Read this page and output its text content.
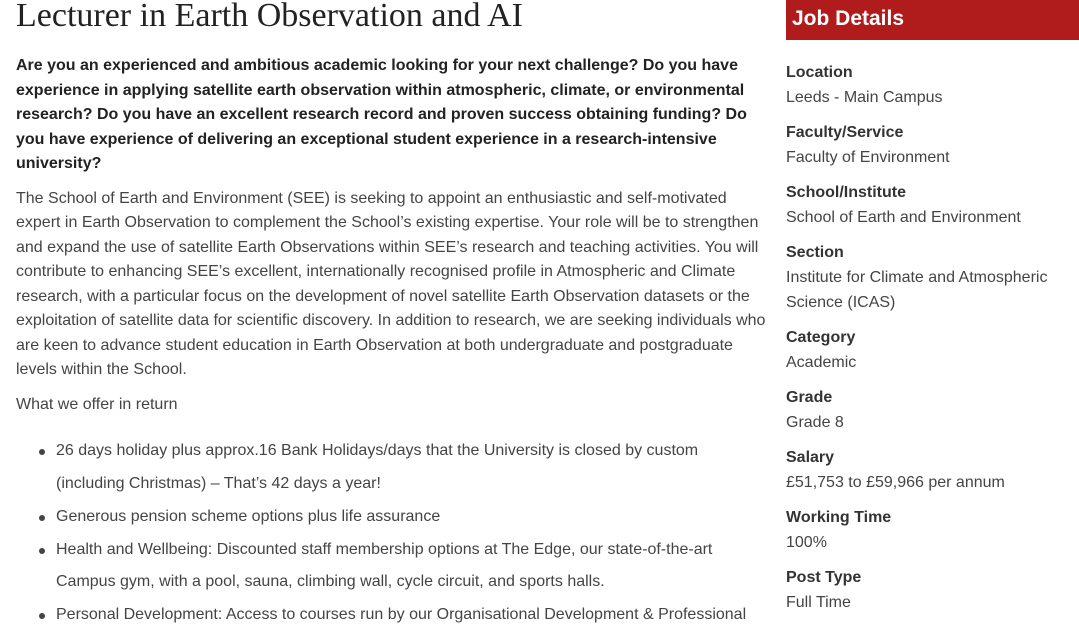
Lecturer in Earth Observation and AI

Are you an experienced and ambitious academic looking for your next challenge? Do you have experience in applying satellite earth observation within atmospheric, climate, or environmental research? Do you have an excellent research record and proven success obtaining funding? Do you have experience of delivering an exceptional student experience in a research-intensive university?

The School of Earth and Environment (SEE) is seeking to appoint an enthusiastic and self-motivated expert in Earth Observation to complement the School’s existing expertise. Your role will be to strengthen and expand the use of satellite Earth Observations within SEE’s research and teaching activities. You will contribute to enhancing SEE’s excellent, internationally recognised profile in Atmospheric and Climate research, with a particular focus on the development of novel satellite Earth Observation datasets or the exploitation of satellite data for scientific discovery. In addition to research, we are seeking individuals who are keen to advance student education in Earth Observation at both undergraduate and postgraduate levels within the School.

What we offer in return

26 days holiday plus approx.16 Bank Holidays/days that the University is closed by custom (including Christmas) – That’s 42 days a year!
Generous pension scheme options plus life assurance
Health and Wellbeing: Discounted staff membership options at The Edge, our state-of-the-art Campus gym, with a pool, sauna, climbing wall, cycle circuit, and sports halls.
Personal Development: Access to courses run by our Organisational Development & Professional
Job Details
Location
Leeds - Main Campus
Faculty/Service
Faculty of Environment
School/Institute
School of Earth and Environment
Section
Institute for Climate and Atmospheric Science (ICAS)
Category
Academic
Grade
Grade 8
Salary
£51,753 to £59,966 per annum
Working Time
100%
Post Type
Full Time
